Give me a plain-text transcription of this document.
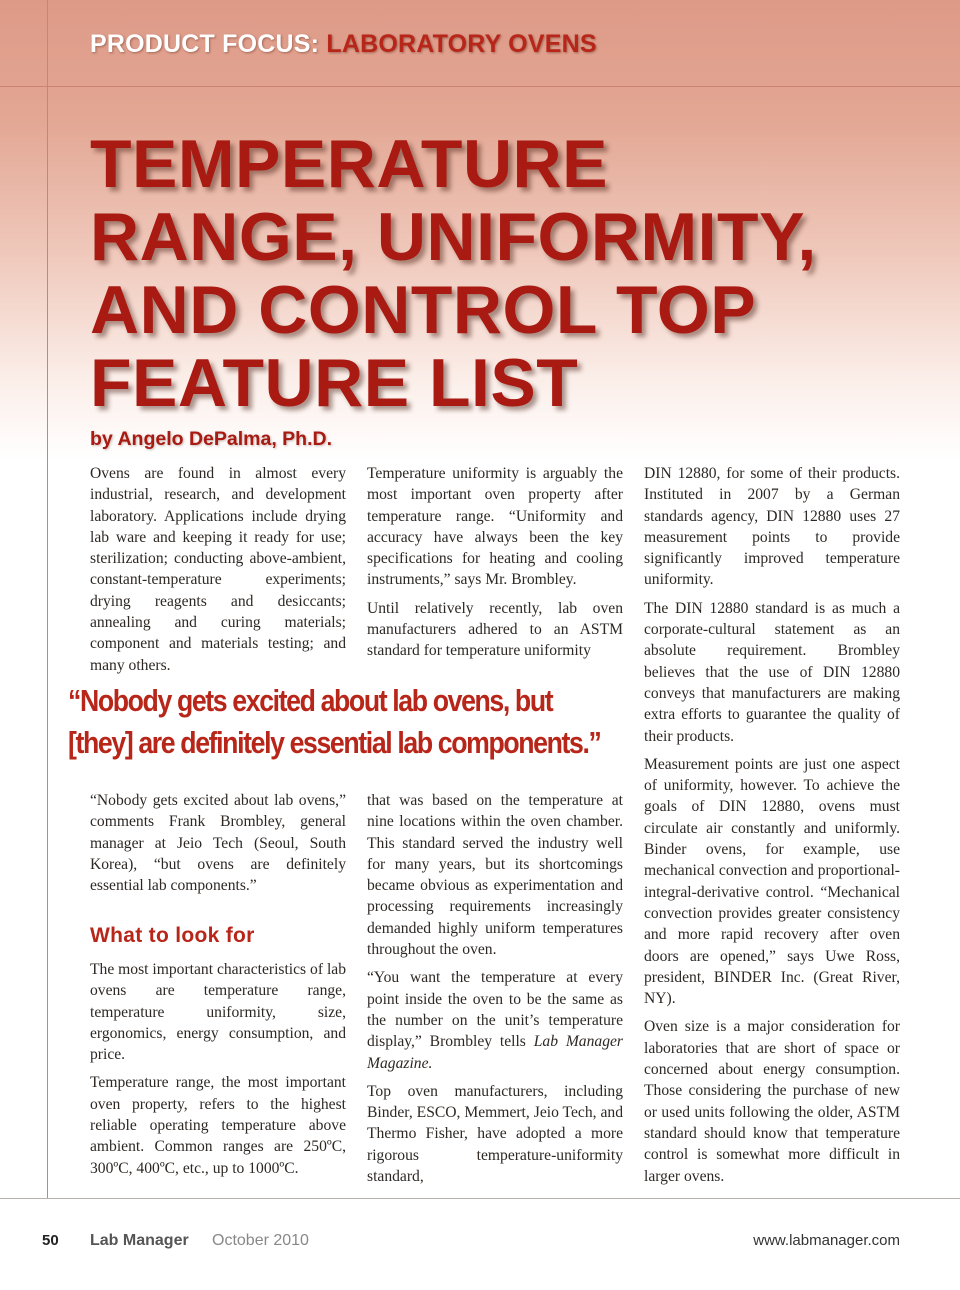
PRODUCT FOCUS: LABORATORY OVENS
TEMPERATURE
RANGE, UNIFORMITY,
AND CONTROL TOP
FEATURE LIST
by Angelo DePalma, Ph.D.

Ovens are found in almost every industrial, research, and development laboratory. Applications include drying lab ware and keeping it ready for use; sterilization; conducting above-ambient, constant-temperature experiments; drying reagents and desiccants; annealing and curing materials; component and materials testing; and many others.

Temperature uniformity is arguably the most important oven property after temperature range. “Uniformity and accuracy have always been the key specifications for heating and cooling instruments,” says Mr. Brombley.

Until relatively recently, lab oven manufacturers adhered to an ASTM standard for temperature uniformity

“Nobody gets excited about lab ovens, but
[they] are definitely essential lab components.”

“Nobody gets excited about lab ovens,” comments Frank Brombley, general manager at Jeio Tech (Seoul, South Korea), “but ovens are definitely essential lab components.”

What to look for

The most important characteristics of lab ovens are temperature range, temperature uniformity, size, ergonomics, energy consumption, and price.

Temperature range, the most important oven property, refers to the highest reliable operating temperature above ambient. Common ranges are 250ºC, 300ºC, 400ºC, etc., up to 1000ºC.

that was based on the temperature at nine locations within the oven chamber. This standard served the industry well for many years, but its shortcomings became obvious as experimentation and processing requirements increasingly demanded highly uniform temperatures throughout the oven.

“You want the temperature at every point inside the oven to be the same as the number on the unit’s temperature display,” Brombley tells Lab Manager Magazine.

Top oven manufacturers, including Binder, ESCO, Memmert, Jeio Tech, and Thermo Fisher, have adopted a more rigorous temperature-uniformity standard,

DIN 12880, for some of their products. Instituted in 2007 by a German standards agency, DIN 12880 uses 27 measurement points to provide significantly improved temperature uniformity.

The DIN 12880 standard is as much a corporate-cultural statement as an absolute requirement. Brombley believes that the use of DIN 12880 conveys that manufacturers are making extra efforts to guarantee the quality of their products.

Measurement points are just one aspect of uniformity, however. To achieve the goals of DIN 12880, ovens must circulate air constantly and uniformly. Binder ovens, for example, use mechanical convection and proportional-integral-derivative control. “Mechanical convection provides greater consistency and more rapid recovery after oven doors are opened,” says Uwe Ross, president, BINDER Inc. (Great River, NY).

Oven size is a major consideration for laboratories that are short of space or concerned about energy consumption. Those considering the purchase of new or used units following the older, ASTM standard should know that temperature control is somewhat more difficult in larger ovens.

50 Lab Manager October 2010	www.labmanager.com
